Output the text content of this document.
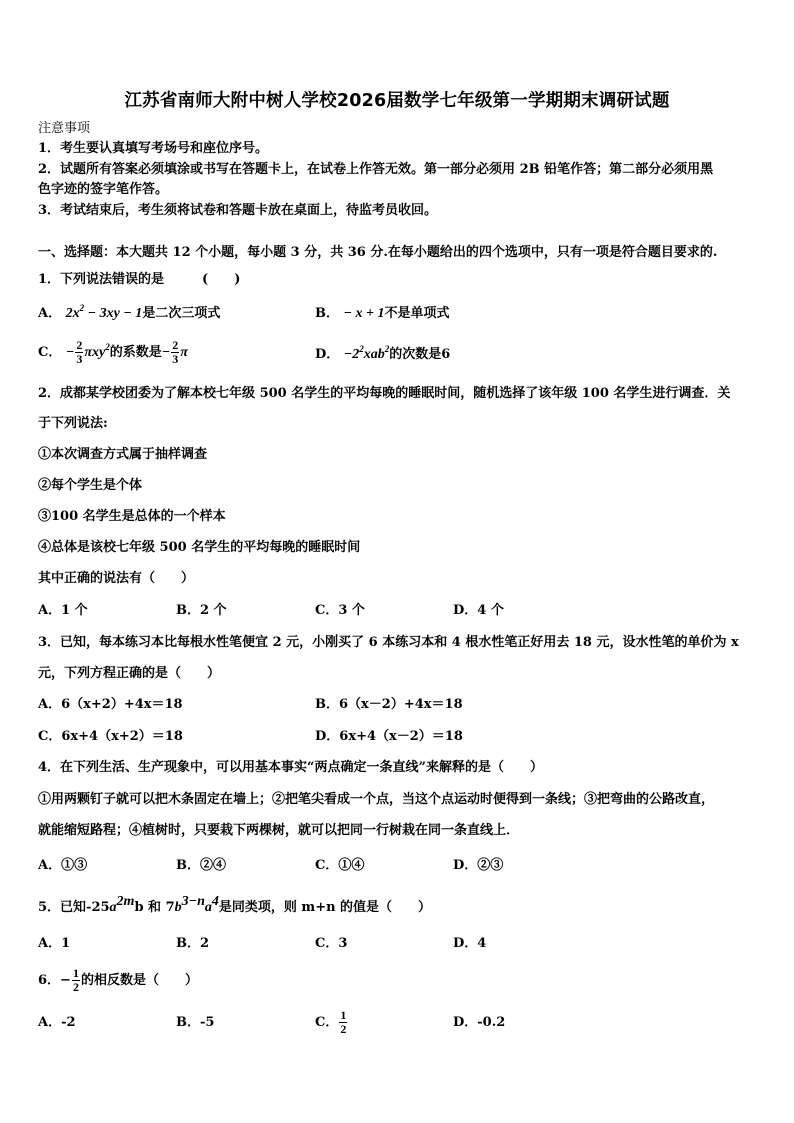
江苏省南师大附中树人学校2026届数学七年级第一学期期末调研试题
注意事项
1．考生要认真填写考场号和座位序号。
2．试题所有答案必须填涂或书写在答题卡上，在试卷上作答无效。第一部分必须用 2B 铅笔作答；第二部分必须用黑
色字迹的签字笔作答。
3．考试结束后，考生须将试卷和答题卡放在桌面上，待监考员收回。
一、选择题：本大题共 12 个小题，每小题 3 分，共 36 分.在每小题给出的四个选项中，只有一项是符合题目要求的.
1．下列说法错误的是	(　　)
A． $2x^2 - 3xy - 1$是二次三项式	B． − x + 1不是单项式
C． − $\frac{2}{3} \pi xy^2$的系数是− $\frac{2}{3}$ π	D． $-2^2xab^2$的次数是6
2．成都某学校团委为了解本校七年级 500 名学生的平均每晚的睡眠时间，随机选择了该年级 100 名学生进行调查．关
于下列说法:
①本次调查方式属于抽样调查
②每个学生是个体
③100 名学生是总体的一个样本
④总体是该校七年级 500 名学生的平均每晚的睡眠时间
其中正确的说法有（　　）
A．1 个	B．2 个	C．3 个	D．4 个
3．已知，每本练习本比每根水性笔便宜 2 元，小刚买了 6 本练习本和 4 根水性笔正好用去 18 元，设水性笔的单价为 x
元，下列方程正确的是（　　）
A．6（x+2）+4x＝18	B．6（x－2）+4x＝18
C．6x+4（x+2）＝18	D．6x+4（x－2）＝18
4．在下列生活、生产现象中，可以用基本事实“两点确定一条直线”来解释的是（　　）
①用两颗钉子就可以把木条固定在墙上；②把笔尖看成一个点，当这个点运动时便得到一条线；③把弯曲的公路改直，
就能缩短路程；④植树时，只要栽下两棵树，就可以把同一行树栽在同一条直线上．
A．①③	B．②④	C．①④	D．②③
5．已知$-25a^{2m}b$ 和 $7b^{3-n}a^4$是同类项，则 m+n 的值是（　　）
A．1	B．2	C．3	D．4
6．− $\frac{1}{2}$ 的相反数是（　　）
A．-2	B．-5	C． $\frac{1}{2}$	D．-0.2
